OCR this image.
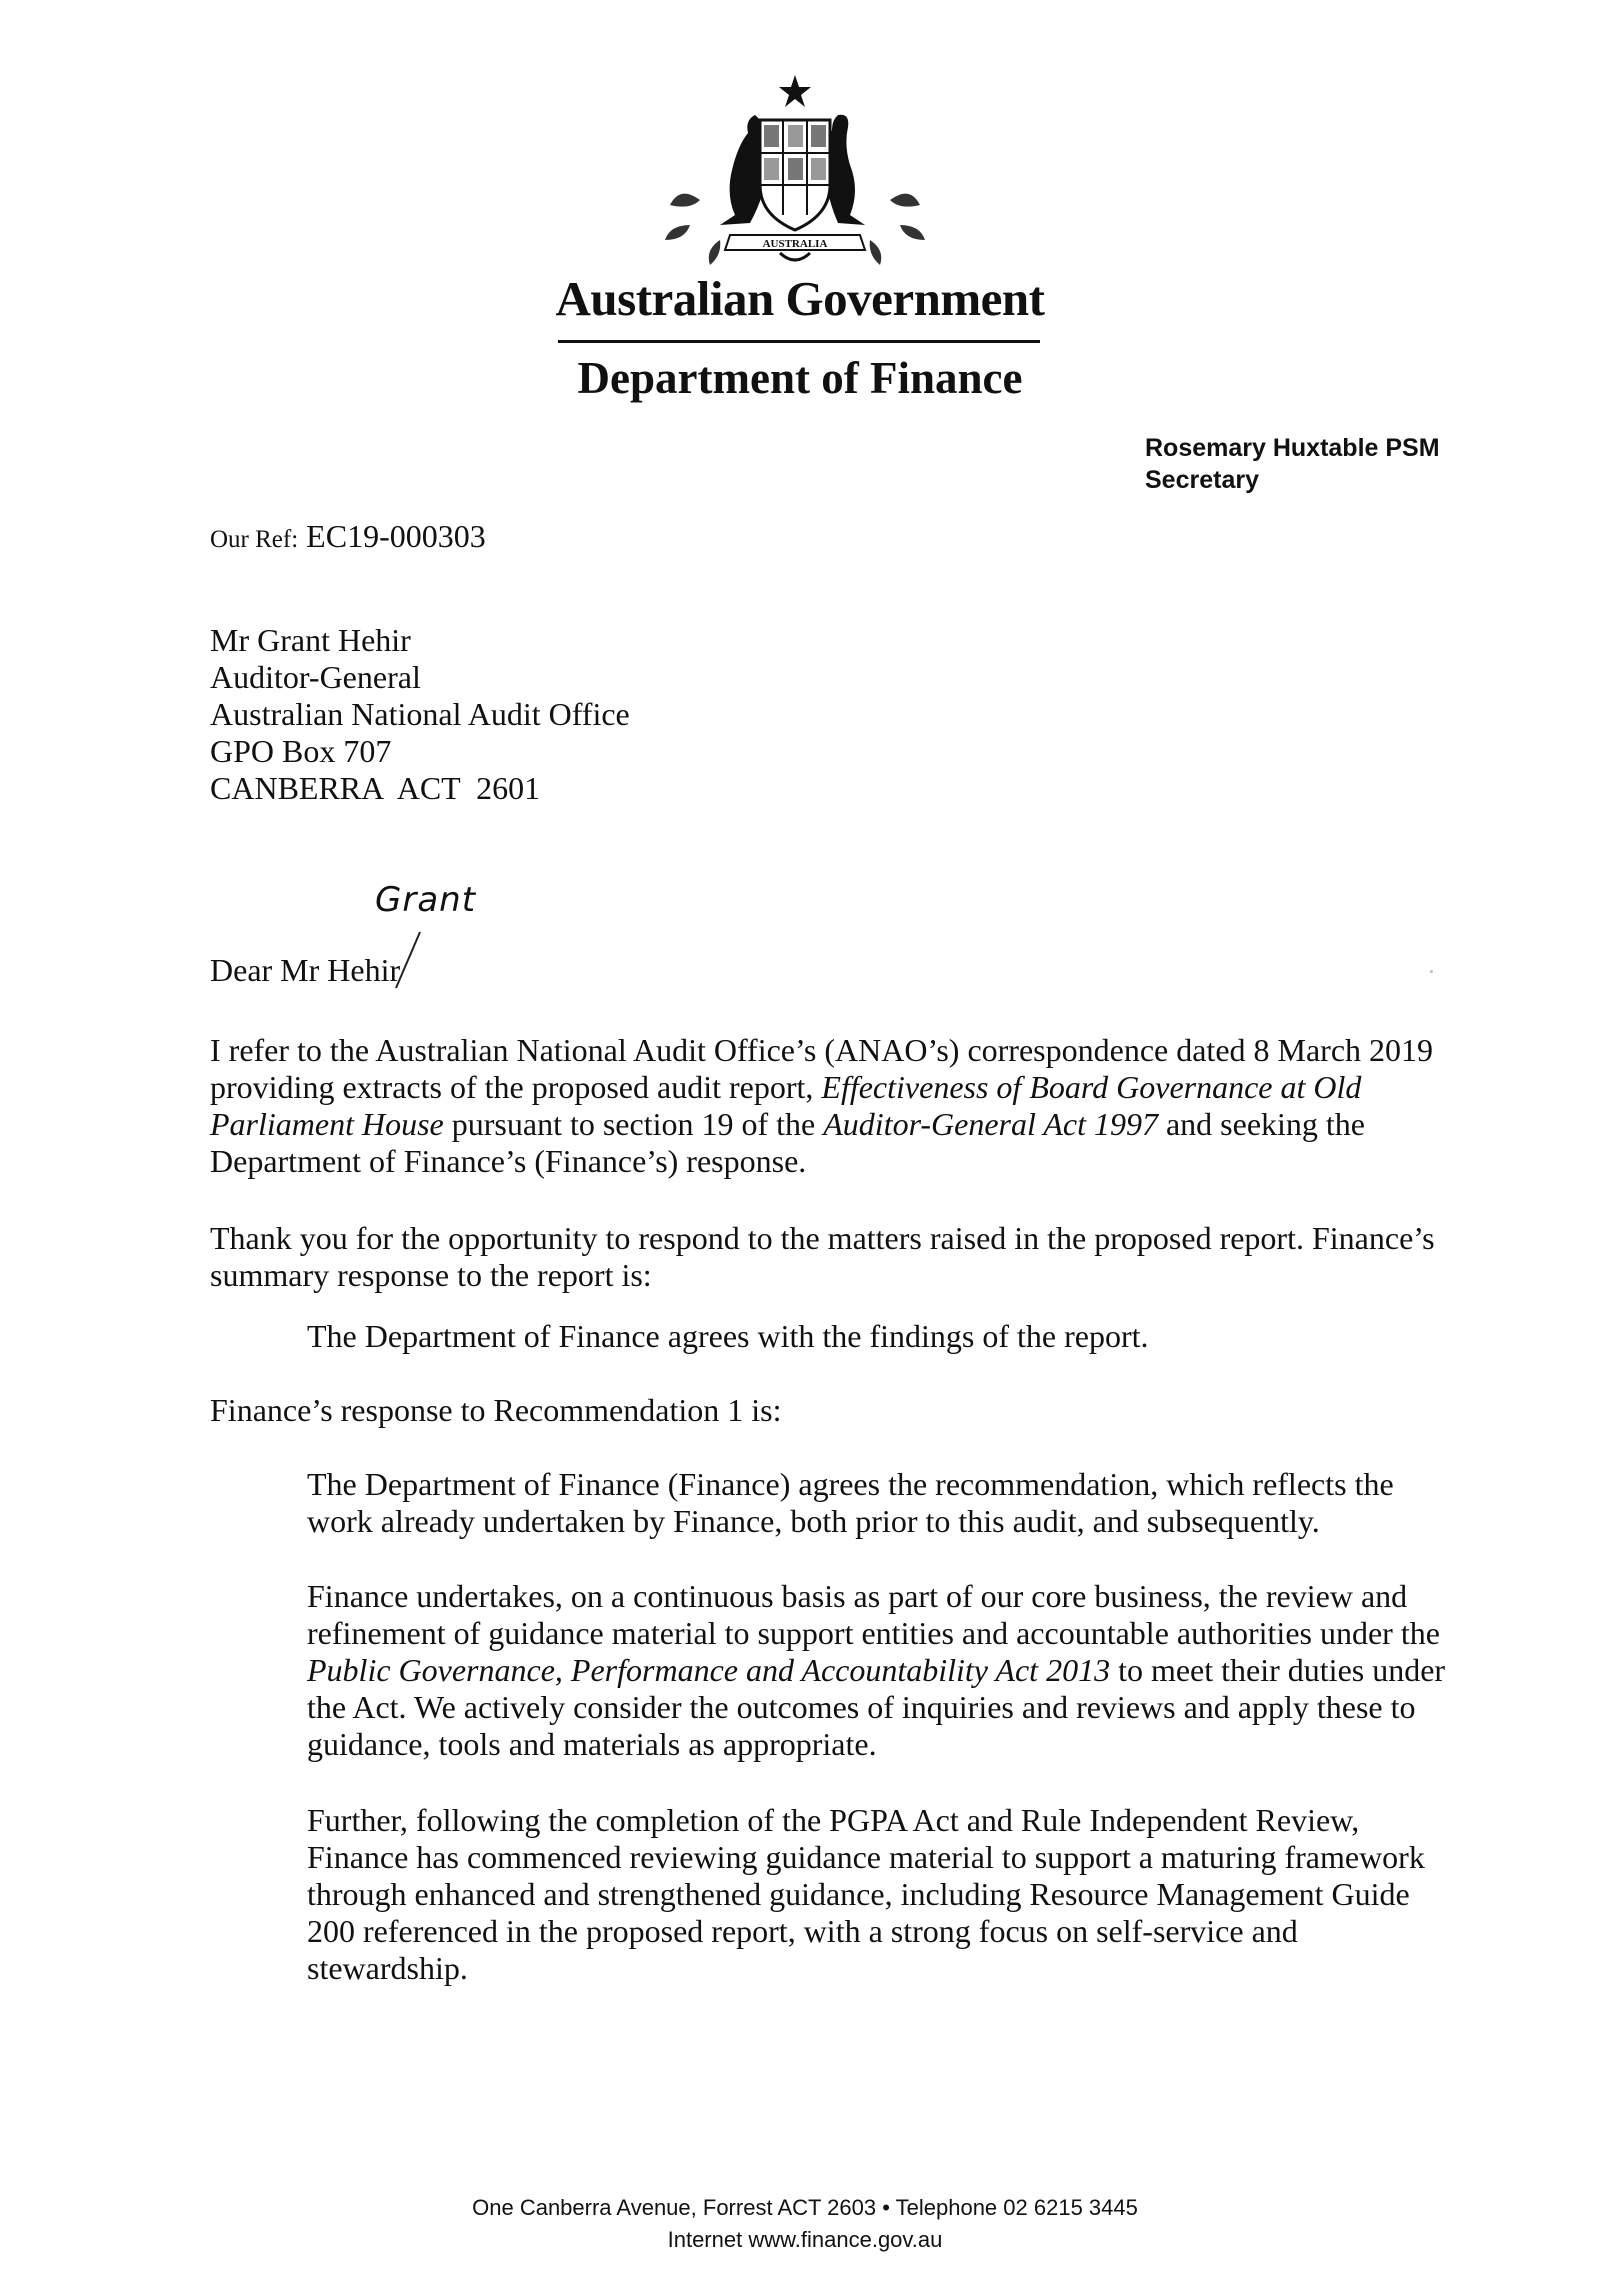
AUSTRALIA
Australian Government
Department of Finance
Rosemary Huxtable PSM
Secretary
Our Ref: EC19-000303
Mr Grant Hehir
Auditor-General
Australian National Audit Office
GPO Box 707
CANBERRA  ACT  2601
Grant
Dear Mr Hehir

I refer to the Australian National Audit Office’s (ANAO’s) correspondence dated 8 March 2019 providing extracts of the proposed audit report, Effectiveness of Board Governance at Old Parliament House pursuant to section 19 of the Auditor-General Act 1997 and seeking the Department of Finance’s (Finance’s) response.

Thank you for the opportunity to respond to the matters raised in the proposed report. Finance’s summary response to the report is:
The Department of Finance agrees with the findings of the report.
Finance’s response to Recommendation 1 is:
The Department of Finance (Finance) agrees the recommendation, which reflects the work already undertaken by Finance, both prior to this audit, and subsequently.

Finance undertakes, on a continuous basis as part of our core business, the review and refinement of guidance material to support entities and accountable authorities under the Public Governance, Performance and Accountability Act 2013 to meet their duties under the Act. We actively consider the outcomes of inquiries and reviews and apply these to guidance, tools and materials as appropriate.

Further, following the completion of the PGPA Act and Rule Independent Review, Finance has commenced reviewing guidance material to support a maturing framework through enhanced and strengthened guidance, including Resource Management Guide 200 referenced in the proposed report, with a strong focus on self-service and stewardship.
One Canberra Avenue, Forrest ACT 2603 • Telephone 02 6215 3445
Internet www.finance.gov.au
